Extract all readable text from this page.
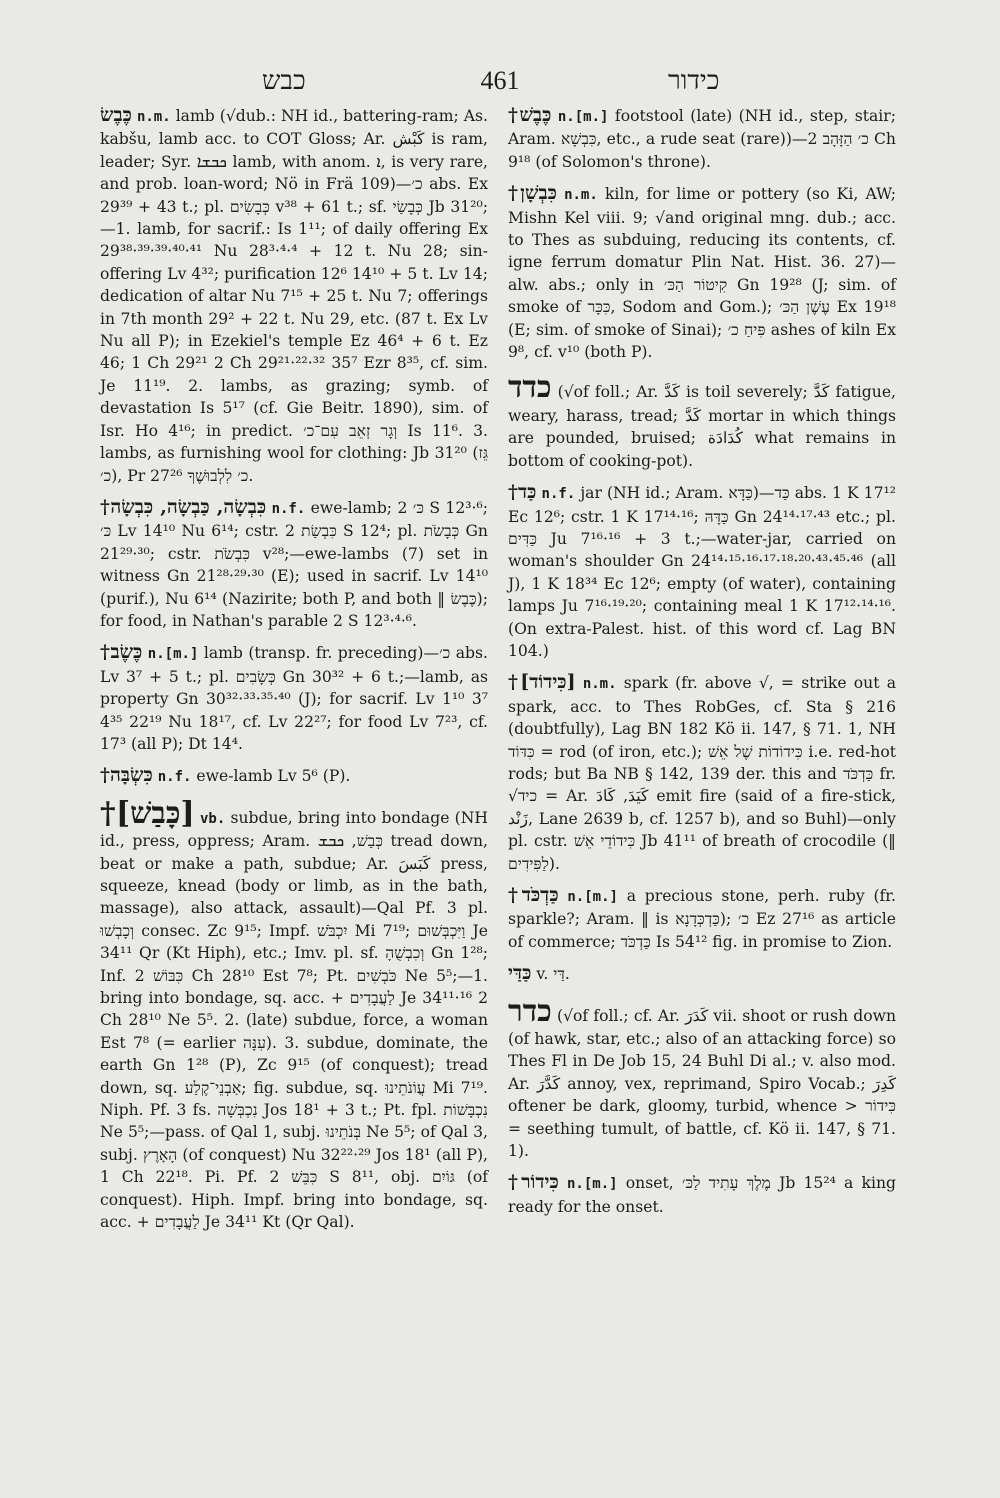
כבש	461	כידור

כֶּבֶשׂ n.m. lamb (√dub.: NH id., battering-ram; As. kabšu, lamb acc. to COT Gloss; Ar. كَبْش is ram, leader; Syr. ܟܒܫܐ lamb, with anom. ܐ, is very rare, and prob. loan-word; Nö in Frä 109)—כ׳ abs. Ex 29³⁹ + 43 t.; pl. כְּבָשִׂים v³⁸ + 61 t.; sf. כְּבָשַׂי Jb 31²⁰;—1. lamb, for sacrif.: Is 1¹¹; of daily offering Ex 29³⁸·³⁹·³⁹·⁴⁰·⁴¹ Nu 28³·⁴·⁴ + 12 t. Nu 28; sin-offering Lv 4³²; purification 12⁶ 14¹⁰ + 5 t. Lv 14; dedication of altar Nu 7¹⁵ + 25 t. Nu 7; offerings in 7th month 29² + 22 t. Nu 29, etc. (87 t. Ex Lv Nu all P); in Ezekiel's temple Ez 46⁴ + 6 t. Ez 46; 1 Ch 29²¹ 2 Ch 29²¹·²²·³² 35⁷ Ezr 8³⁵, cf. sim. Je 11¹⁹. 2. lambs, as grazing; symb. of devastation Is 5¹⁷ (cf. Gie Beitr. 1890), sim. of Isr. Ho 4¹⁶; in predict. וְגָר זְאֵב עִם־כ׳ Is 11⁶. 3. lambs, as furnishing wool for clothing: Jb 31²⁰ (גֵּז כ׳), Pr 27²⁶ כ׳ לִלְבוּשֶׁךָ.

†כִּבְשָׂה, כַּבְשָׂה, כִּבְשָׂה n.f. ewe-lamb; כּ׳ 2 S 12³·⁶; כּ׳ Lv 14¹⁰ Nu 6¹⁴; cstr. כִּבְשַׂת 2 S 12⁴; pl. כְּבָשֹׂת Gn 21²⁹·³⁰; cstr. כִּבְשֹׂת v²⁸;—ewe-lambs (7) set in witness Gn 21²⁸·²⁹·³⁰ (E); used in sacrif. Lv 14¹⁰ (purif.), Nu 6¹⁴ (Nazirite; both P, and both ‖ כֶּבֶשׂ); for food, in Nathan's parable 2 S 12³·⁴·⁶.

†כֶּשֶׂב n.[m.] lamb (transp. fr. preceding)—כ׳ abs. Lv 3⁷ + 5 t.; pl. כְּשָׂבִים Gn 30³² + 6 t.;—lamb, as property Gn 30³²·³³·³⁵·⁴⁰ (J); for sacrif. Lv 1¹⁰ 3⁷ 4³⁵ 22¹⁹ Nu 18¹⁷, cf. Lv 22²⁷; for food Lv 7²³, cf. 17³ (all P); Dt 14⁴.

†כִּשְׂבָּה n.f. ewe-lamb Lv 5⁶ (P).

†[כָּבַשׁ] vb. subdue, bring into bondage (NH id., press, oppress; Aram. כְּבַשׁ, ܟܒܫ tread down, beat or make a path, subdue; Ar. كَبَسَ press, squeeze, knead (body or limb, as in the bath, massage), also attack, assault)—Qal Pf. 3 pl. וְכָבְשׁוּ consec. Zc 9¹⁵; Impf. יִכְבֹּשׁ Mi 7¹⁹; וַיִּכְבְּשׁוּם Je 34¹¹ Qr (Kt Hiph), etc.; Imv. pl. sf. וְכִבְשֻׁהָ Gn 1²⁸; Inf. כִּבּוֹשׁ 2 Ch 28¹⁰ Est 7⁸; Pt. כֹּבְשִׁים Ne 5⁵;—1. bring into bondage, sq. acc. + לַעֲבָדִים Je 34¹¹·¹⁶ 2 Ch 28¹⁰ Ne 5⁵. 2. (late) subdue, force, a woman Est 7⁸ (= earlier עִנָּה). 3. subdue, dominate, the earth Gn 1²⁸ (P), Zc 9¹⁵ (of conquest); tread down, sq. אַבְנֵי־קֶלַע; fig. subdue, sq. עֲוֹנֹתֵינוּ Mi 7¹⁹. Niph. Pf. 3 fs. נִכְבְּשָׁה Jos 18¹ + 3 t.; Pt. fpl. נִכְבָּשׁוֹת Ne 5⁵;—pass. of Qal 1, subj. בְּנֹתֵינוּ Ne 5⁵; of Qal 3, subj. הָאָרֶץ (of conquest) Nu 32²²·²⁹ Jos 18¹ (all P), 1 Ch 22¹⁸. Pi. Pf. כִּבֵּשׁ 2 S 8¹¹, obj. גּוֹיִם (of conquest). Hiph. Impf. bring into bondage, sq. acc. + לַעֲבָדִים Je 34¹¹ Kt (Qr Qal).

†כֶּבֶשׁ n.[m.] footstool (late) (NH id., step, stair; Aram. כִּבְשָׁא, etc., a rude seat (rare))—כ׳ הַזָּהָב 2 Ch 9¹⁸ (of Solomon's throne).

†כִּבְשָׁן n.m. kiln, for lime or pottery (so Ki, AW; Mishn Kel viii. 9; √and original mng. dub.; acc. to Thes as subduing, reducing its contents, cf. igne ferrum domatur Plin Nat. Hist. 36. 27)—alw. abs.; only in קִיטוֹר הַכּ׳ Gn 19²⁸ (J; sim. of smoke of כִּכָּר, Sodom and Gom.); עֶשֶׁן הַכּ׳ Ex 19¹⁸ (E; sim. of smoke of Sinai); פִּיחַ כ׳ ashes of kiln Ex 9⁸, cf. v¹⁰ (both P).

כדד (√of foll.; Ar. كَدَّ is toil severely; كَدَّ fatigue, weary, harass, tread; كَدَّ mortar in which things are pounded, bruised; كُدَادَة what remains in bottom of cooking-pot).

†כַּד n.f. jar (NH id.; Aram. כַּדָּא)—כַּד abs. 1 K 17¹² Ec 12⁶; cstr. 1 K 17¹⁴·¹⁶; כַּדָּהּ Gn 24¹⁴·¹⁷·⁴³ etc.; pl. כַּדִּים Ju 7¹⁶·¹⁶ + 3 t.;—water-jar, carried on woman's shoulder Gn 24¹⁴·¹⁵·¹⁶·¹⁷·¹⁸·²⁰·⁴³·⁴⁵·⁴⁶ (all J), 1 K 18³⁴ Ec 12⁶; empty (of water), containing lamps Ju 7¹⁶·¹⁹·²⁰; containing meal 1 K 17¹²·¹⁴·¹⁶. (On extra-Palest. hist. of this word cf. Lag BN 104.)

†[כִּידוֹד] n.m. spark (fr. above √, = strike out a spark, acc. to Thes RobGes, cf. Sta § 216 (doubtfully), Lag BN 182 Kö ii. 147, § 71. 1, NH כִּדּוֹד = rod (of iron, etc.); כִּידוֹדוֹת שֶׁל אֵשׁ i.e. red-hot rods; but Ba NB § 142, 139 der. this and כַּדְכֹּד fr. √כיד = Ar. كَيَدَ, كَادَ emit fire (said of a fire-stick, زَنْد, Lane 2639 b, cf. 1257 b), and so Buhl)—only pl. cstr. כִּידוֹדֵי אֵשׁ Jb 41¹¹ of breath of crocodile (‖ לַפִּידִים).

†כַּדְכֹּד n.[m.] a precious stone, perh. ruby (fr. sparkle?; Aram. ‖ is כַּדְכְּדָנָא); כ׳ Ez 27¹⁶ as article of commerce; כַּדְכֹּד Is 54¹² fig. in promise to Zion.

כַּדַּי v. דַּי.

כדר (√of foll.; cf. Ar. كَدَرَ vii. shoot or rush down (of hawk, star, etc.; also of an attacking force) so Thes Fl in De Job 15, 24 Buhl Di al.; v. also mod. Ar. كَدَّرَ annoy, vex, reprimand, Spiro Vocab.; كَدِرَ oftener be dark, gloomy, turbid, whence > כִּידוֹר = seething tumult, of battle, cf. Kö ii. 147, § 71. 1).

†כִּידוֹר n.[m.] onset, מֶלֶךְ עָתִיד לַכּ׳ Jb 15²⁴ a king ready for the onset.
